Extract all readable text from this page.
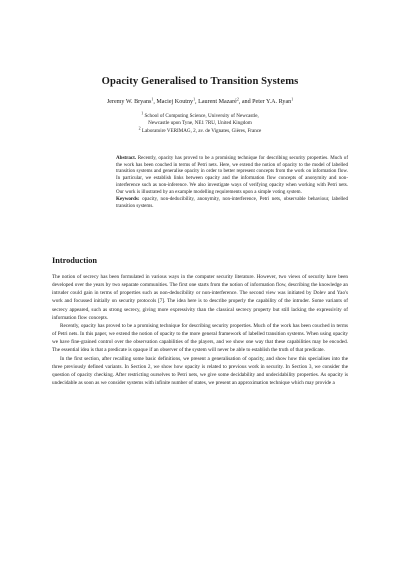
Opacity Generalised to Transition Systems
Jeremy W. Bryans$^1$, Maciej Koutny$^1$, Laurent Mazaré$^2$, and Peter Y.A. Ryan$^1$
$^1$ School of Computing Science, University of Newcastle,
Newcastle upon Tyne, NE1 7RU, United Kingdom
$^2$ Laboratoire VERIMAG, 2, av. de Vignates, Gières, France
Abstract. Recently, opacity has proved to be a promising technique for describing security properties. Much of the work has been couched in terms of Petri nets. Here, we extend the notion of opacity to the model of labelled transition systems and generalise opacity in order to better represent concepts from the work on information flow. In particular, we establish links between opacity and the information flow concepts of anonymity and non-interference such as non-inference. We also investigate ways of verifying opacity when working with Petri nets. Our work is illustrated by an example modelling requirements upon a simple voting system.
Keywords: opacity, non-deducibility, anonymity, non-interference, Petri nets, observable behaviour, labelled transition systems.
Introduction

The notion of secrecy has been formulated in various ways in the computer security literature. However, two views of security have been developed over the years by two separate communities. The first one starts from the notion of information flow, describing the knowledge an intruder could gain in terms of properties such as non-deducibility or non-interference. The second view was initiated by Dolev and Yao's work and focussed initially on security protocols [7]. The idea here is to describe properly the capability of the intruder. Some variants of secrecy appeared, such as strong secrecy, giving more expressivity than the classical secrecy property but still lacking the expressivity of information flow concepts.

Recently, opacity has proved to be a promising technique for describing security properties. Much of the work has been couched in terms of Petri nets. In this paper, we extend the notion of opacity to the more general framework of labelled transition systems. When using opacity we have fine-grained control over the observation capabilities of the players, and we show one way that these capabilities may be encoded. The essential idea is that a predicate is opaque if an observer of the system will never be able to establish the truth of that predicate.

In the first section, after recalling some basic definitions, we present a generalisation of opacity, and show how this specialises into the three previously defined variants. In Section 2, we show how opacity is related to previous work in security. In Section 3, we consider the question of opacity checking. After restricting ourselves to Petri nets, we give some decidability and undecidability properties. As opacity is undecidable as soon as we consider systems with infinite number of states, we present an approximation technique which may provide a
